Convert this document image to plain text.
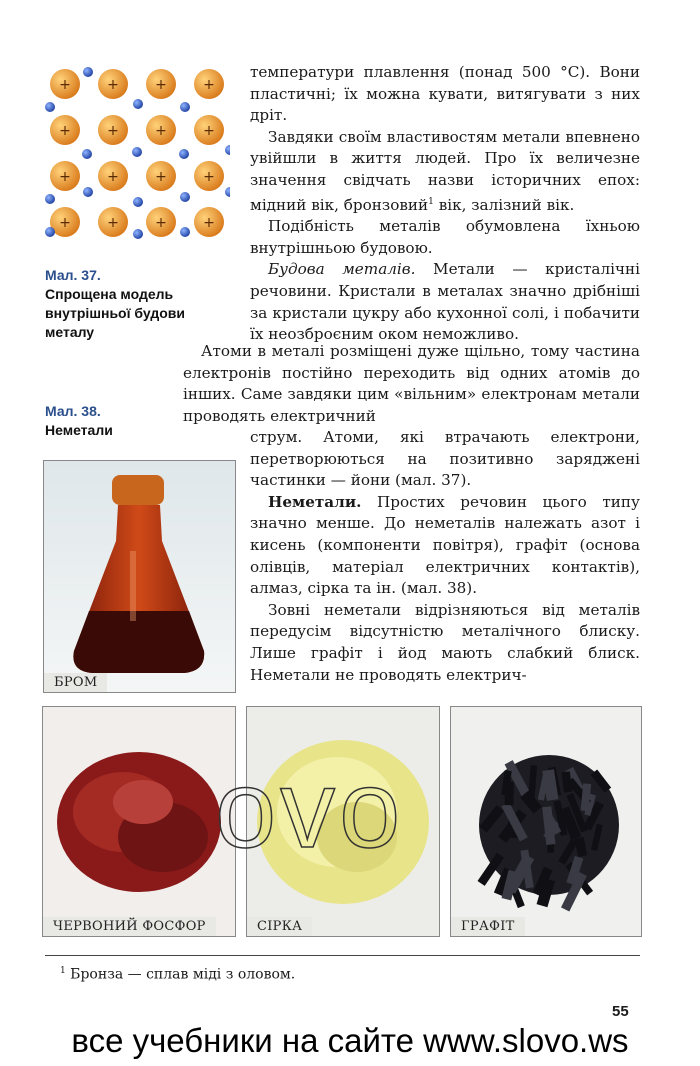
+	+	+	+
+	+	+	+
+	+	+	+
+	+	+	+
Мал. 37.
Спрощена модель внутрішньої будови металу
Мал. 38.
Неметали

температури плавлення (понад 500 °С). Вони пластичні; їх можна кувати, витягувати з них дріт.

Завдяки своїм властивостям метали впевнено увійшли в життя людей. Про їх величезне значення свідчать назви історичних епох: мідний вік, бронзовий$^1$ вік, залізний вік.

Подібність металів обумовлена їхньою внутрішньою будовою.

Будова металів. Метали — кристалічні речовини. Кристали в металах значно дрібніші за кристали цукру або кухонної солі, і побачити їх неозброєним оком неможливо.

Атоми в металі розміщені дуже щільно, тому частина електронів постійно переходить від одних атомів до інших. Саме завдяки цим «вільним» електронам метали проводять електричний

струм. Атоми, які втрачають електрони, перетворюються на позитивно заряджені частинки — йони (мал. 37).

Неметали. Простих речовин цього типу значно менше. До неметалів належать азот і кисень (компоненти повітря), графіт (основа олівців, матеріал електричних контактів), алмаз, сірка та ін. (мал. 38).

Зовні неметали відрізняються від металів передусім відсутністю металічного блиску. Лише графіт і йод мають слабкий блиск. Неметали не проводять електрич-

БРОМ
ЧЕРВОНИЙ ФОСФОР	СІРКА	ГРАФІТ
ovo
$^1$ Бронза — сплав міді з оловом.
55
все учебники на сайте www.slovo.ws
